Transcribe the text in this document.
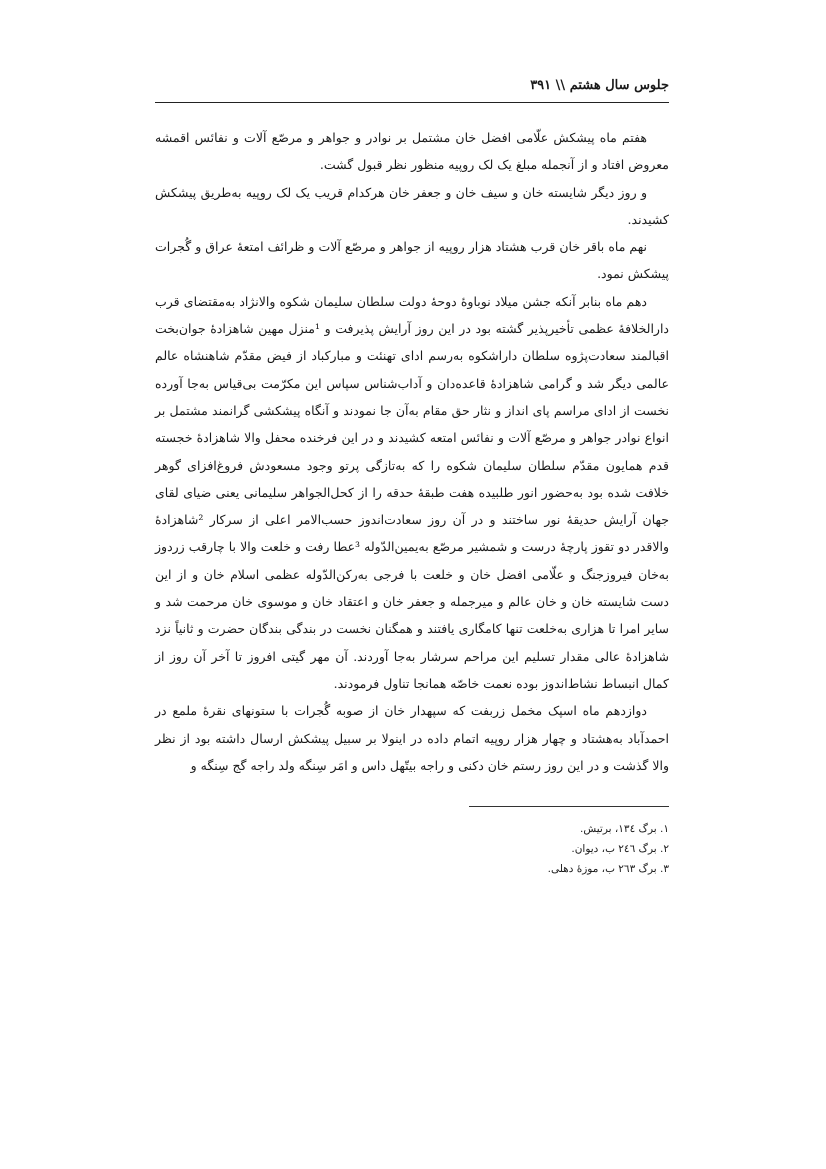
جلوس سال هشتم \\ ۳۹۱

هفتم ماه پیشکش علّامی افضل خان مشتمل بر نوادر و جواهر و مرصّع آلات و نفائس اقمشه معروض افتاد و از آنجمله مبلغ یک لک روپیه منظور نظر قبول گشت.

و روز دیگر شایسته خان و سیف خان و جعفر خان هرکدام قریب یک لک روپیه به‌طریق پیشکش کشیدند.

نهم ماه باقر خان قرب هشتاد هزار روپیه از جواهر و مرصّع آلات و ظرائف امتعۀ عراق و گُجرات پیشکش نمود.

دهم ماه بنابر آنکه جشن میلاد نوباوۀ دوحۀ دولت سلطان سلیمان شکوه والانژاد به‌مقتضای قرب دارالخلافۀ عظمی تأخیرپذیر گشته بود در این روز آرایش پذیرفت و ¹منزل مهین شاهزادۀ جوان‌بخت اقبالمند سعادت‌پژوه سلطان داراشکوه به‌رسم ادای تهنئت و مبارکباد از فیض مقدّم شاهنشاه عالم عالمی دیگر شد و گرامی شاهزادۀ قاعده‌دان و آداب‌شناس سپاس این مکرّمت بی‌قیاس به‌جا آورده نخست از ادای مراسم پای انداز و نثار حق مقام به‌آن جا نمودند و آنگاه پیشکشی گرانمند مشتمل بر انواع نوادر جواهر و مرصّع آلات و نفائس امتعه کشیدند و در این فرخنده محفل والا شاهزادۀ خجسته قدم همایون مقدّم سلطان سلیمان شکوه را که به‌تازگی پرتو وجود مسعودش فروغ‌افزای گوهر خلافت شده بود به‌حضور انور طلبیده هفت طبقۀ حدقه را از کحل‌الجواهر سلیمانی یعنی ضیای لقای جهان آرایش حدیقۀ نور ساختند و در آن روز سعادت‌اندوز حسب‌الامر اعلی از سرکار ²شاهزادۀ والاقدر دو تقوز پارچۀ درست و شمشیر مرصّع به‌یمین‌الدّوله ³عطا رفت و خلعت والا با چارقب زردوز به‌خان فیروزجنگ و علّامی افضل خان و خلعت با فرجی به‌رکن‌الدّوله عظمی اسلام خان و از این دست شایسته خان و خان عالم و میرجمله و جعفر خان و اعتقاد خان و موسوی خان مرحمت شد و سایر امرا تا هزاری به‌خلعت تنها کامگاری یافتند و همگنان نخست در بندگی بندگان حضرت و ثانیاً نزد شاهزادۀ عالی مقدار تسلیم این مراحم سرشار به‌جا آوردند. آن مهر گیتی افروز تا آخر آن روز از کمال انبساط نشاط‌اندوز بوده نعمت خاصّه همانجا تناول فرمودند.

دوازدهم ماه اسپک مخمل زربفت که سپهدار خان از صوبه گُجرات با ستونهای نقرۀ ملمع در احمدآباد به‌هشتاد و چهار هزار روپیه اتمام داده در اینولا بر سبیل پیشکش ارسال داشته بود از نظر والا گذشت و در این روز رستم خان دکنی و راجه بیتّهل داس و امَر سِنگه ولد راجه گج سِنگه و

۱. برگ ۱۳٤، برتیش.
۲. برگ ۲٤٦ ب، دیوان.
۳. برگ ۲٦۳ ب، موزۀ دهلی.
